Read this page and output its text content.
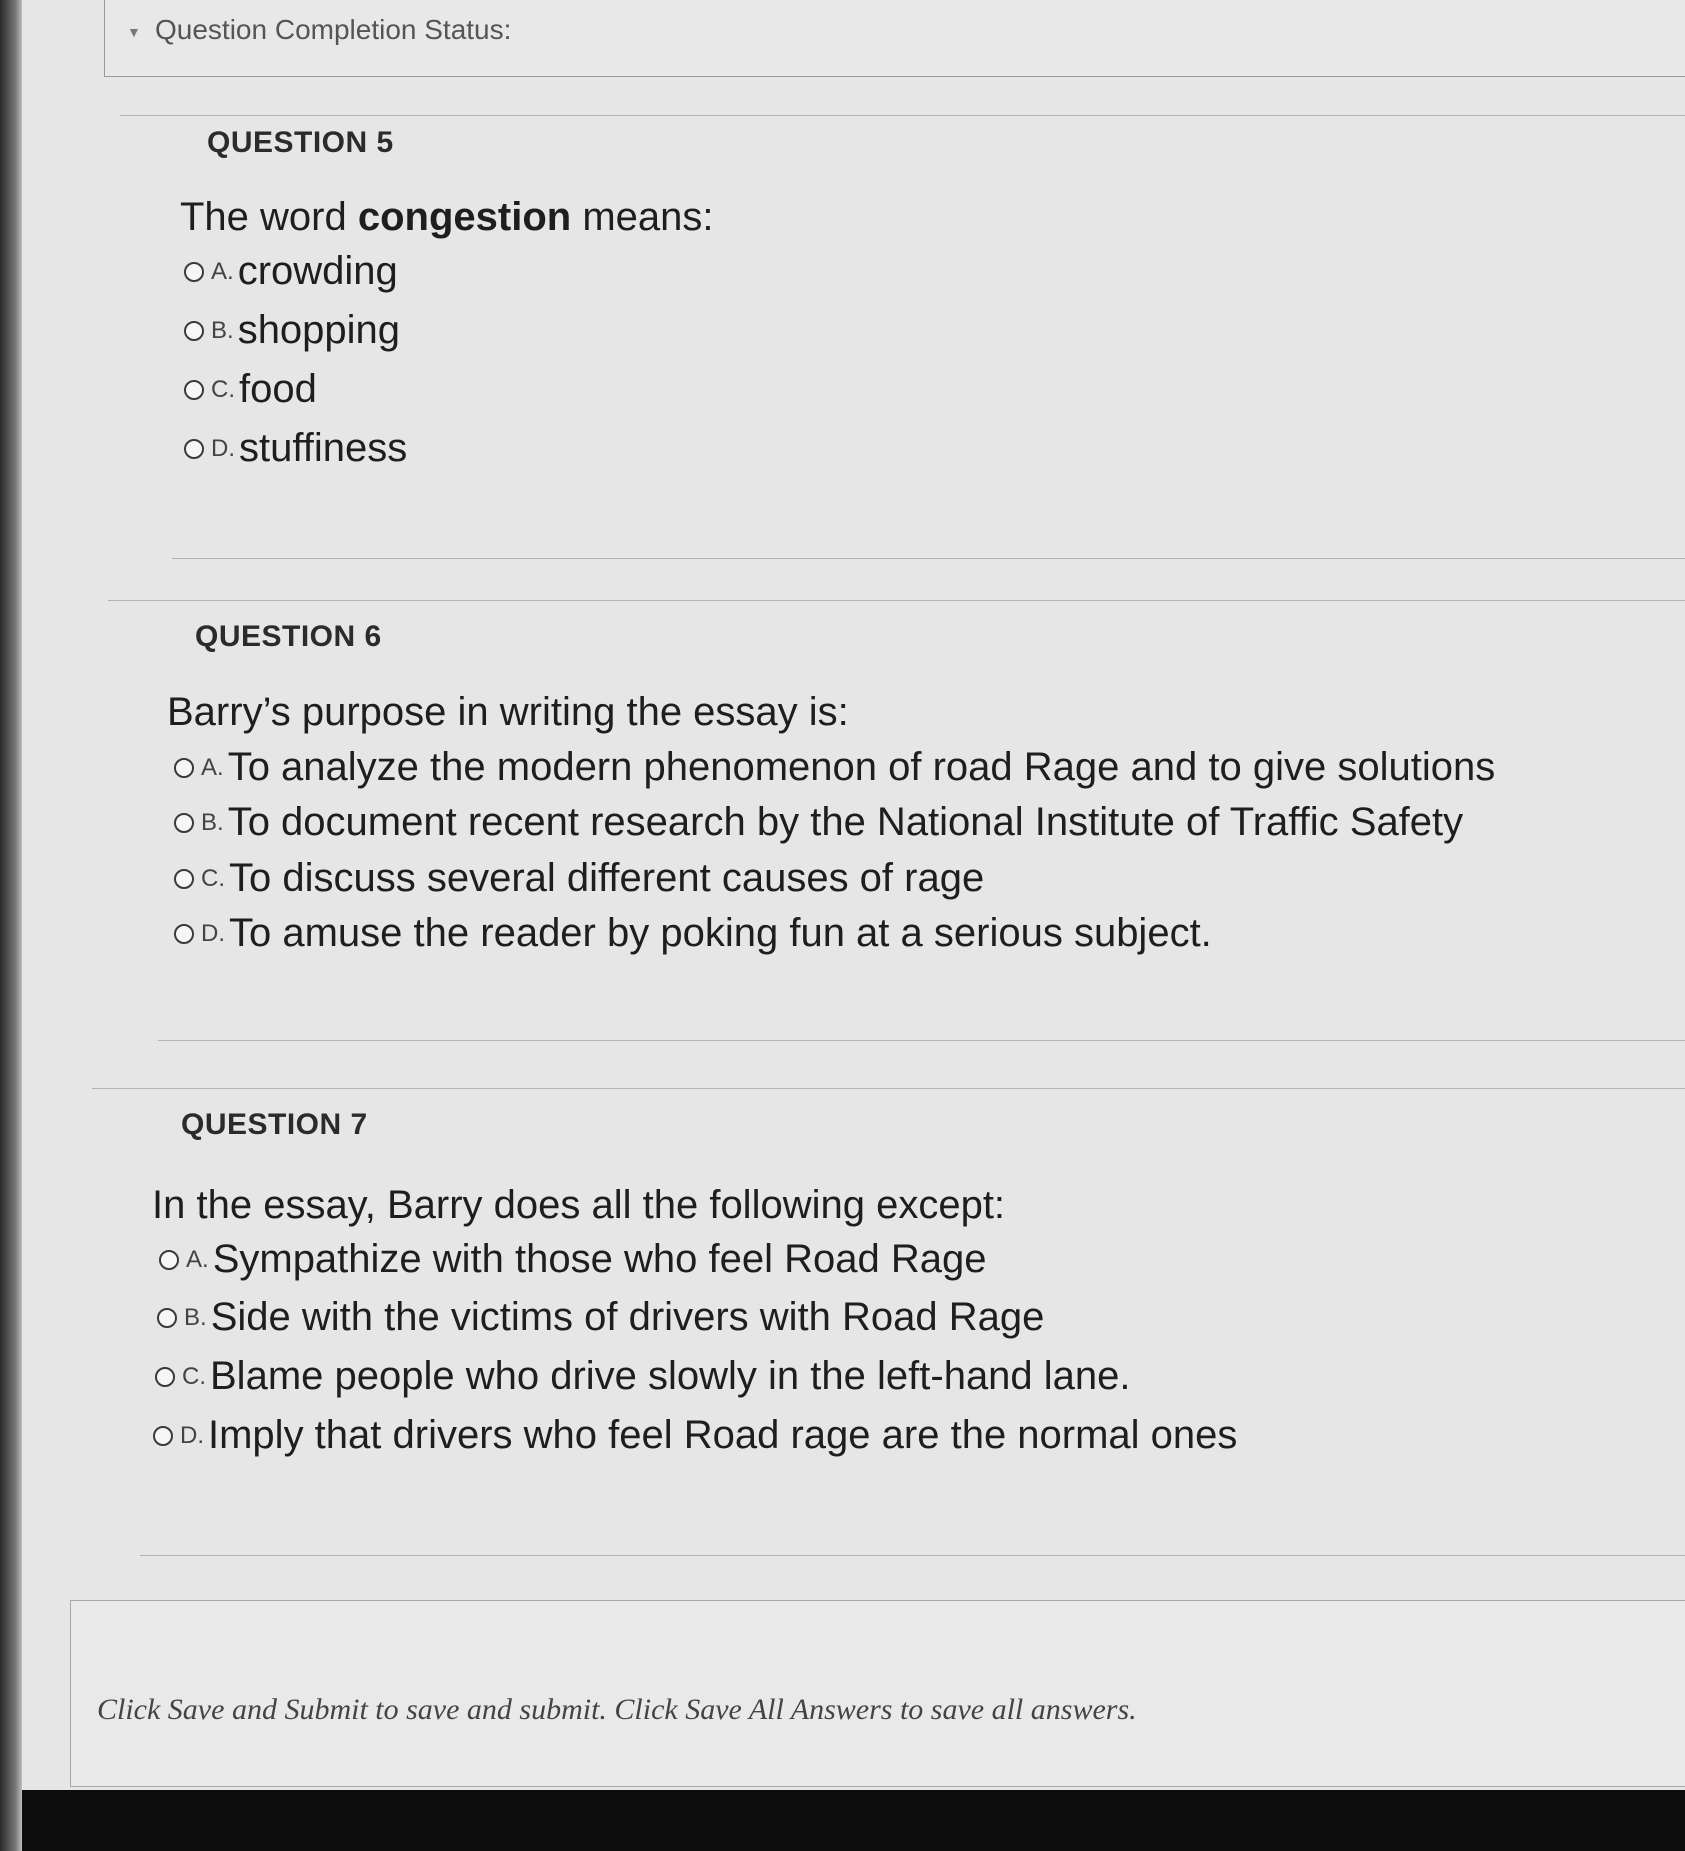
▼ Question Completion Status:
QUESTION 5
The word congestion means:
A. crowding
B. shopping
C. food
D. stuffiness
QUESTION 6
Barry’s purpose in writing the essay is:
A. To analyze the modern phenomenon of road Rage and to give solutions
B. To document recent research by the National Institute of Traffic Safety
C. To discuss several different causes of rage
D. To amuse the reader by poking fun at a serious subject.
QUESTION 7
In the essay, Barry does all the following except:
A. Sympathize with those who feel Road Rage
B. Side with the victims of drivers with Road Rage
C. Blame people who drive slowly in the left-hand lane.
D. Imply that drivers who feel Road rage are the normal ones
Click Save and Submit to save and submit. Click Save All Answers to save all answers.
